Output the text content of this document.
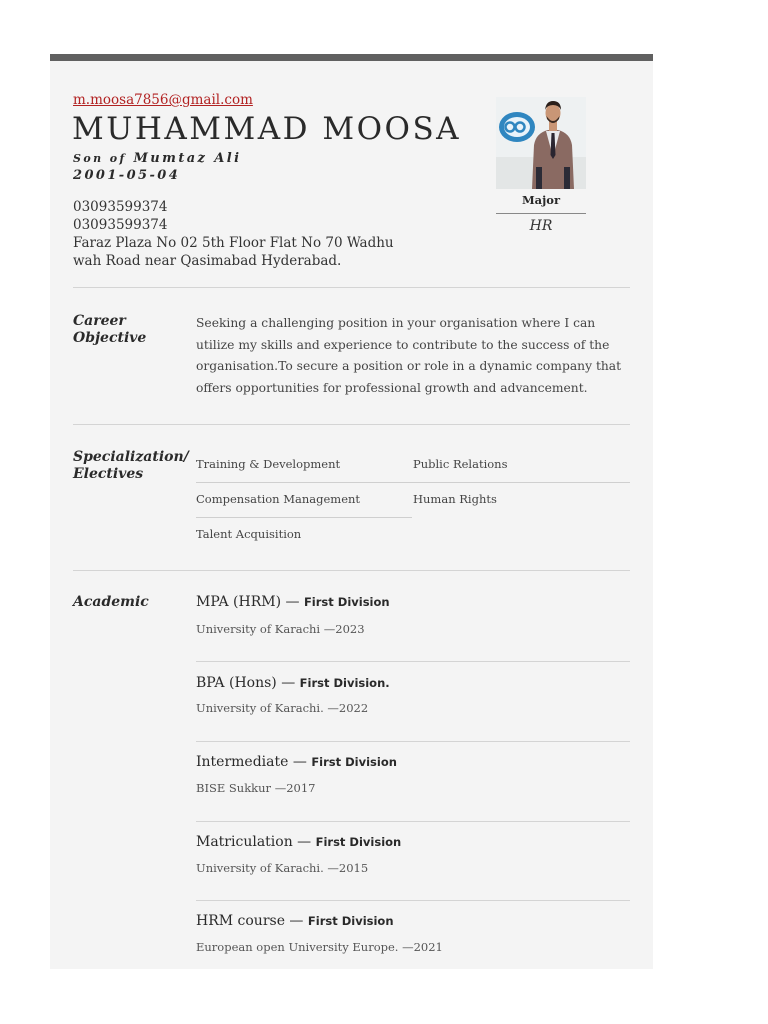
m.moosa7856@gmail.com
MUHAMMAD MOOSA
Son of Mumtaz Ali
2001-05-04
03093599374
03093599374
Faraz Plaza No 02 5th Floor Flat No 70 Wadhu wah Road near Qasimabad Hyderabad.
Major
HR
Career
Objective
Seeking a challenging position in your organisation where I can utilize my skills and experience to contribute to the success of the organisation.To secure a position or role in a dynamic company that offers opportunities for professional growth and advancement.
Specialization/
Electives
Training & Development	Public Relations
Compensation Management	Human Rights
Talent Acquisition
Academic	MPA (HRM) — First Division
University of Karachi —2023
BPA (Hons) — First Division.
University of Karachi. —2022
Intermediate — First Division
BISE Sukkur —2017
Matriculation — First Division
University of Karachi. —2015
HRM course — First Division
European open University Europe. —2021
